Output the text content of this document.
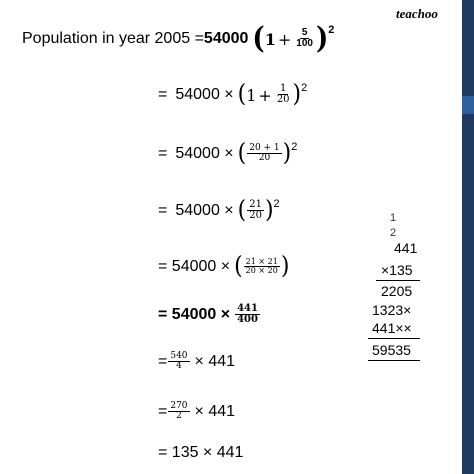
teachoo
Population in year 2005 = 54000 ( $1 + \frac{5}{100}$ ) 2
= 54000 × ( $1 + \frac{1}{20}$ ) 2
= 54000 × ( $\frac{20 + 1}{20}$ ) 2
= 54000 × ( $\frac{21}{20}$ ) 2
= 54000 × ( $\frac{21 \times 21}{20 \times 20}$ )
= $54000 \times \frac{441}{400}$
= $\frac{540}{4} \times 441$
= $\frac{270}{2} \times 441$
= 135 × 441
1
2
441
×135
2205
1323×
441××
59535
